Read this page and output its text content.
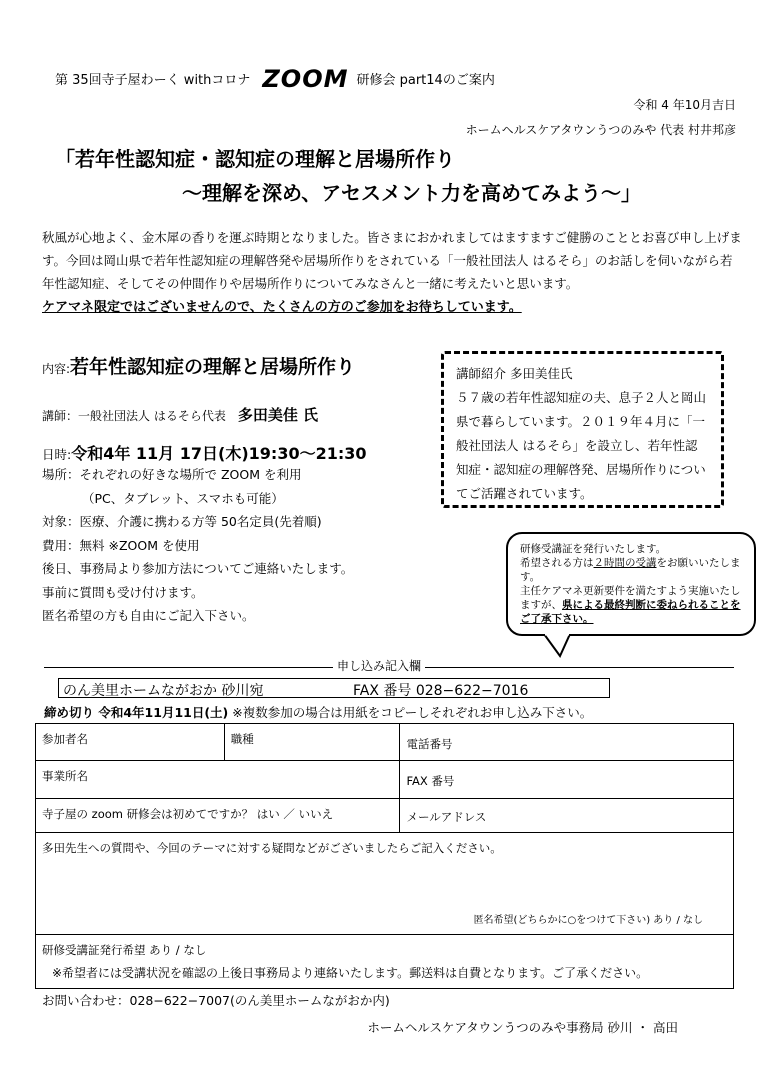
第 35回寺子屋わーく withコロナ ZOOM 研修会 part14のご案内
令和 4 年10月吉日
ホームヘルスケアタウンうつのみや 代表 村井邦彦
「若年性認知症・認知症の理解と居場所作り
〜理解を深め、アセスメント力を高めてみよう〜」

秋風が心地よく、金木犀の香りを運ぶ時期となりました。皆さまにおかれましてはますますご健勝のこととお喜び申し上げます。今回は岡山県で若年性認知症の理解啓発や居場所作りをされている「一般社団法人 はるそら」のお話しを伺いながら若年性認知症、そしてその仲間作りや居場所作りについてみなさんと一緒に考えたいと思います。

ケアマネ限定ではございませんので、たくさんの方のご参加をお待ちしています。

内容:若年性認知症の理解と居場所作り
講師：一般社団法人 はるそら代表 多田美佳 氏
日時:令和4年 11月 17日(木)19:30〜21:30
場所：それぞれの好きな場所で ZOOM を利用
（PC、タブレット、スマホも可能）
対象：医療、介護に携わる方等 50名定員(先着順)
費用：無料 ※ZOOM を使用
後日、事務局より参加方法についてご連絡いたします。
事前に質問も受け付けます。
匿名希望の方も自由にご記入下さい。

講師紹介 多田美佳氏

５７歳の若年性認知症の夫、息子２人と岡山県で暮らしています。２０１９年４月に「一般社団法人 はるそら」を設立し、若年性認知症・認知症の理解啓発、居場所作りについてご活躍されています。

研修受講証を発行いたします。

希望される方は２時間の受講をお願いいたします。

主任ケアマネ更新要件を満たすよう実施いたしますが、県による最終判断に委ねられることをご了承下さい。

申し込み記入欄
のん美里ホームながおか 砂川宛	FAX 番号 028−622−7016
締め切り 令和4年11月11日(土) ※複数参加の場合は用紙をコピーしそれぞれお申し込み下さい。
参加者名	職種	電話番号
事業所名		FAX 番号
寺子屋の zoom 研修会は初めてですか？ はい ／ いいえ		メールアドレス
多田先生への質問や、今回のテーマに対する疑問などがございましたらご記入ください。
匿名希望(どちらかに○をつけて下さい) あり / なし		

研修受講証発行希望 あり / なし
※希望者には受講状況を確認の上後日事務局より連絡いたします。郵送料は自費となります。ご了承ください。		
お問い合わせ：028−622−7007(のん美里ホームながおか内)
ホームヘルスケアタウンうつのみや事務局 砂川 ・ 高田
